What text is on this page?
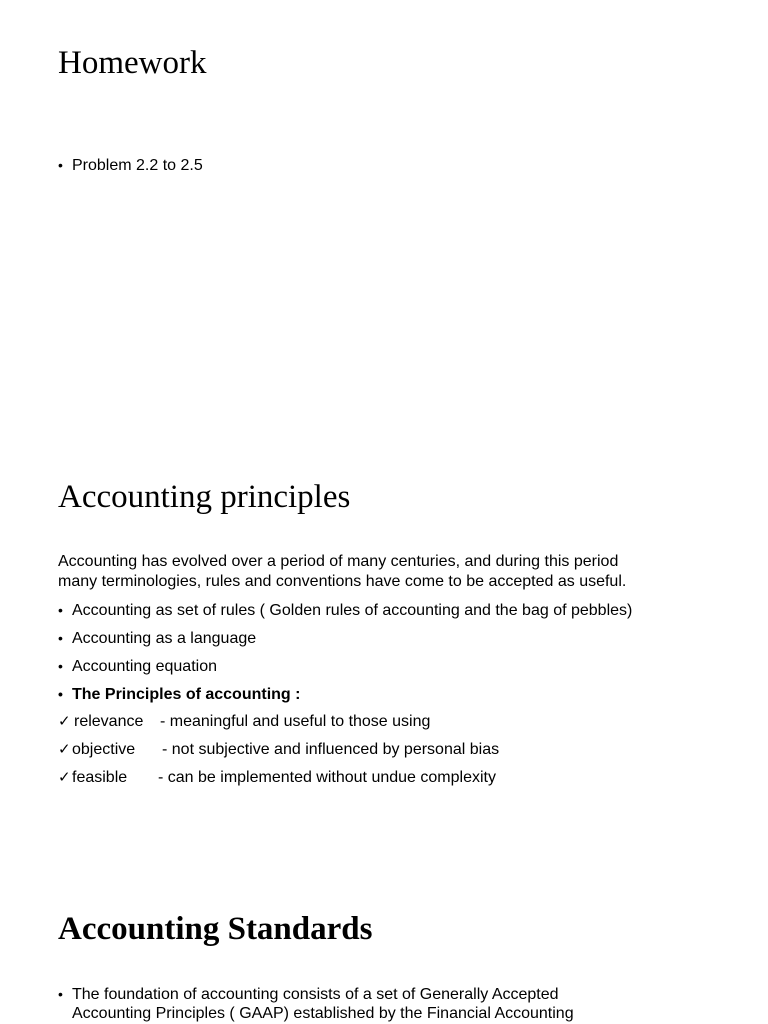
Homework
• Problem 2.2 to 2.5
Accounting principles
Accounting has evolved over a period of many centuries, and during this period
many terminologies, rules and conventions have come to be accepted as useful.
• Accounting as set of rules ( Golden rules of accounting and the bag of pebbles)
• Accounting as a language
• Accounting equation
• The Principles of accounting :
✓ relevance	- meaningful and useful to those using
✓ objective	- not subjective and influenced by personal bias
✓ feasible	- can be implemented without undue complexity
Accounting Standards
• The foundation of accounting consists of a set of Generally Accepted
Accounting Principles ( GAAP) established by the Financial Accounting
